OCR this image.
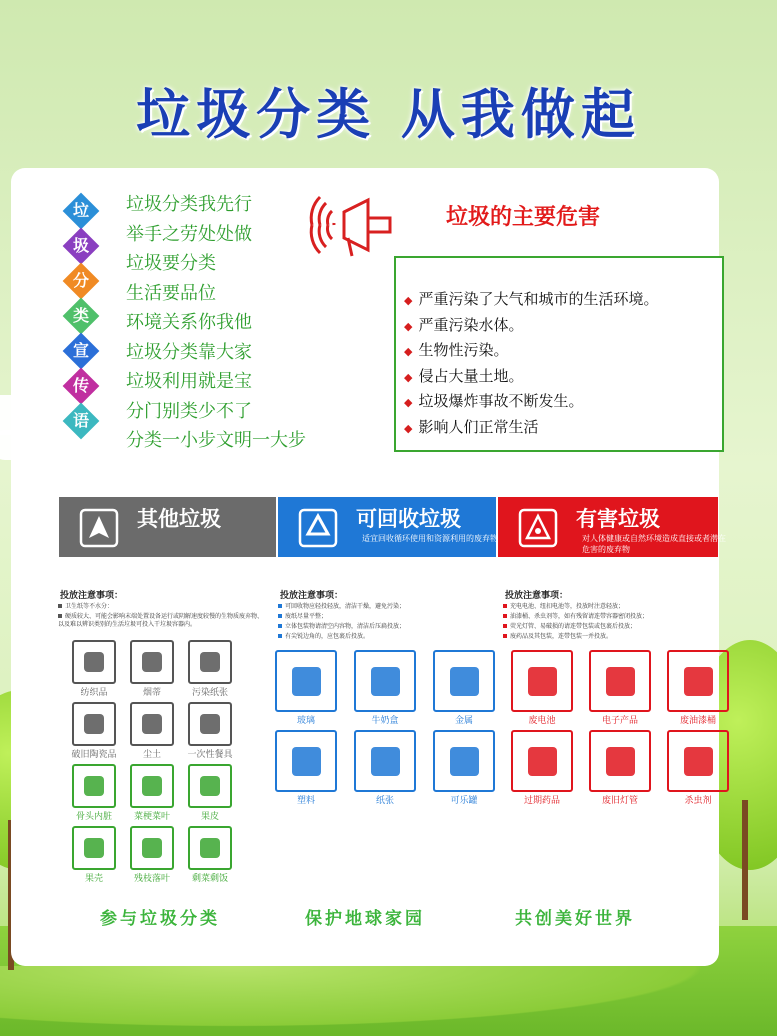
垃圾分类 从我做起
垃
圾
分
类
宣
传
语
垃圾分类我先行
举手之劳处处做
垃圾要分类
生活要品位
环境关系你我他
垃圾分类靠大家
垃圾利用就是宝
分门别类少不了
分类一小步文明一大步
垃圾的主要危害
◆ 严重污染了大气和城市的生活环境。
◆ 严重污染水体。
◆ 生物性污染。
◆ 侵占大量土地。
◆ 垃圾爆炸事故不断发生。
◆ 影响人们正常生活
其他垃圾	可回收垃圾
适宜回收循环使用和资源利用的废弃物
有害垃圾
对人体健康或自然环境造成直接或者潜在危害的废弃物
投放注意事项：	投放注意事项：	投放注意事项：
卫生纸等不水分：
硬质较大、可能会影响末端处置设备运行或阴解速度较慢的生物质废弃物、以及难以辨识类别的生活垃圾可投入干垃圾容器内。
可回收物应轻投轻放，清洁干燥，避免污染；
废纸尽量平整；
立体包装物请清空内容物，清洁后压扁投放；
有尖锐边角的，应包裹后投放。
充电电池、纽扣电池等，投放时注意轻放；
油漆桶、杀虫剂等，如有残留请连带容器密闭投放；
荧光灯管、易破损的请连带包装或包裹后投放；
废药品及其包装，连带包装一并投放。
纺织品	烟蒂	污染纸张
破旧陶瓷品	尘土	一次性餐具
骨头内脏	菜梗菜叶	果皮
果壳	残枝落叶	剩菜剩饭
玻璃	牛奶盒	金属
塑料	纸张	可乐罐
废电池	电子产品	废油漆桶
过期药品	废旧灯管	杀虫剂
参与垃圾分类	保护地球家园	共创美好世界
